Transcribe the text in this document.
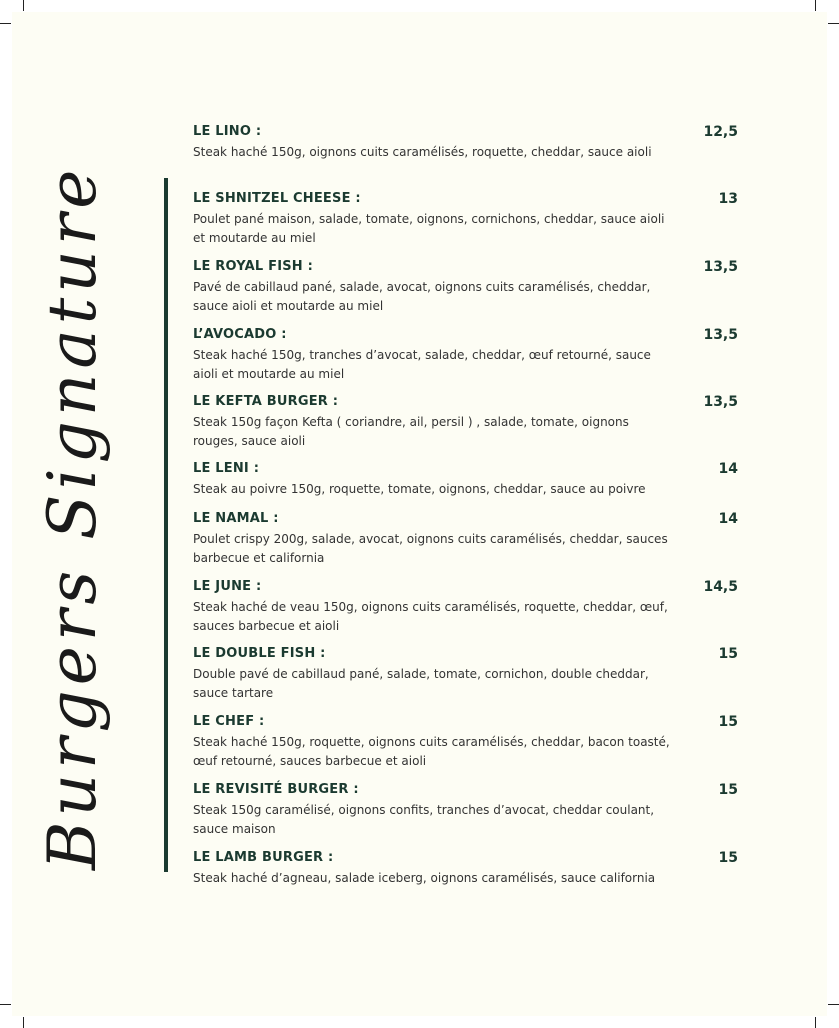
Burgers Signature
LE LINO :
Steak haché 150g, oignons cuits caramélisés, roquette, cheddar, sauce aioli
12,5
LE SHNITZEL CHEESE :
Poulet pané maison, salade, tomate, oignons, cornichons, cheddar, sauce aioli et moutarde au miel
13
LE ROYAL FISH :
Pavé de cabillaud pané, salade, avocat, oignons cuits caramélisés, cheddar, sauce aioli et moutarde au miel
13,5
L’AVOCADO :
Steak haché 150g, tranches d’avocat, salade, cheddar, œuf retourné, sauce aioli et moutarde au miel
13,5
LE KEFTA BURGER :
Steak 150g façon Kefta ( coriandre, ail, persil ) , salade, tomate, oignons rouges, sauce aioli
13,5
LE LENI :
Steak au poivre 150g, roquette, tomate, oignons, cheddar, sauce au poivre
14
LE NAMAL :
Poulet crispy 200g, salade, avocat, oignons cuits caramélisés, cheddar, sauces barbecue et california
14
LE JUNE :
Steak haché de veau 150g, oignons cuits caramélisés, roquette, cheddar, œuf, sauces barbecue et aioli
14,5
LE DOUBLE FISH :
Double pavé de cabillaud pané, salade, tomate, cornichon, double cheddar, sauce tartare
15
LE CHEF :
Steak haché 150g, roquette, oignons cuits caramélisés, cheddar, bacon toasté, œuf retourné, sauces barbecue et aioli
15
LE REVISITÉ BURGER :
Steak 150g caramélisé, oignons confits, tranches d’avocat, cheddar coulant, sauce maison
15
LE LAMB BURGER :
Steak haché d’agneau, salade iceberg, oignons caramélisés, sauce california
15
